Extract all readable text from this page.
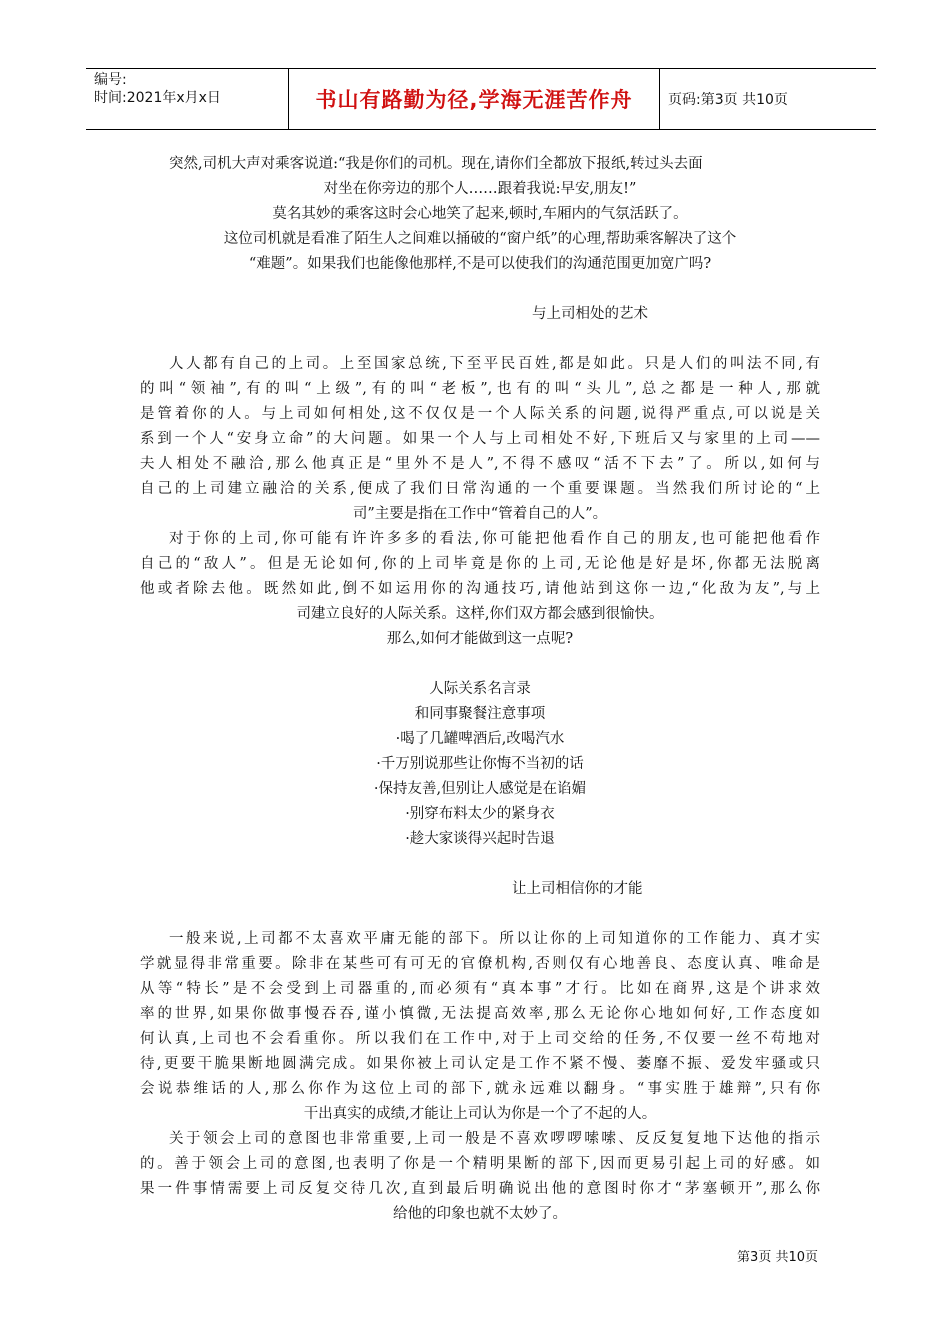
编号:
时间:2021年x月x日	书山有路勤为径,学海无涯苦作舟	页码:第3页 共10页
突然,司机大声对乘客说道:“我是你们的司机。现在,请你们全都放下报纸,转过头去面
对坐在你旁边的那个人……跟着我说:早安,朋友!”
莫名其妙的乘客这时会心地笑了起来,顿时,车厢内的气氛活跃了。
这位司机就是看准了陌生人之间难以捅破的“窗户纸”的心理,帮助乘客解决了这个
“难题”。如果我们也能像他那样,不是可以使我们的沟通范围更加宽广吗?
与上司相处的艺术
人人都有自己的上司。上至国家总统,下至平民百姓,都是如此。只是人们的叫法不同,有
的叫“领袖”,有的叫“上级”,有的叫“老板”,也有的叫“头儿”,总之都是一种人,那就
是管着你的人。与上司如何相处,这不仅仅是一个人际关系的问题,说得严重点,可以说是关
系到一个人“安身立命”的大问题。如果一个人与上司相处不好,下班后又与家里的上司——
夫人相处不融洽,那么他真正是“里外不是人”,不得不感叹“活不下去”了。所以,如何与
自己的上司建立融洽的关系,便成了我们日常沟通的一个重要课题。当然我们所讨论的“上
司”主要是指在工作中“管着自己的人”。
对于你的上司,你可能有许许多多的看法,你可能把他看作自己的朋友,也可能把他看作
自己的“敌人”。但是无论如何,你的上司毕竟是你的上司,无论他是好是坏,你都无法脱离
他或者除去他。既然如此,倒不如运用你的沟通技巧,请他站到这你一边,“化敌为友”,与上
司建立良好的人际关系。这样,你们双方都会感到很愉快。
那么,如何才能做到这一点呢?
人际关系名言录
和同事聚餐注意事项
·喝了几罐啤酒后,改喝汽水
·千万别说那些让你悔不当初的话
·保持友善,但别让人感觉是在谄媚
·别穿布料太少的紧身衣
·趁大家谈得兴起时告退
让上司相信你的才能
一般来说,上司都不太喜欢平庸无能的部下。所以让你的上司知道你的工作能力、真才实
学就显得非常重要。除非在某些可有可无的官僚机构,否则仅有心地善良、态度认真、唯命是
从等“特长”是不会受到上司器重的,而必须有“真本事”才行。比如在商界,这是个讲求效
率的世界,如果你做事慢吞吞,谨小慎微,无法提高效率,那么无论你心地如何好,工作态度如
何认真,上司也不会看重你。所以我们在工作中,对于上司交给的任务,不仅要一丝不苟地对
待,更要干脆果断地圆满完成。如果你被上司认定是工作不紧不慢、萎靡不振、爱发牢骚或只
会说恭维话的人,那么你作为这位上司的部下,就永远难以翻身。“事实胜于雄辩”,只有你
干出真实的成绩,才能让上司认为你是一个了不起的人。
关于领会上司的意图也非常重要,上司一般是不喜欢啰啰嗦嗦、反反复复地下达他的指示
的。善于领会上司的意图,也表明了你是一个精明果断的部下,因而更易引起上司的好感。如
果一件事情需要上司反复交待几次,直到最后明确说出他的意图时你才“茅塞顿开”,那么你
给他的印象也就不太妙了。
第3页 共10页
